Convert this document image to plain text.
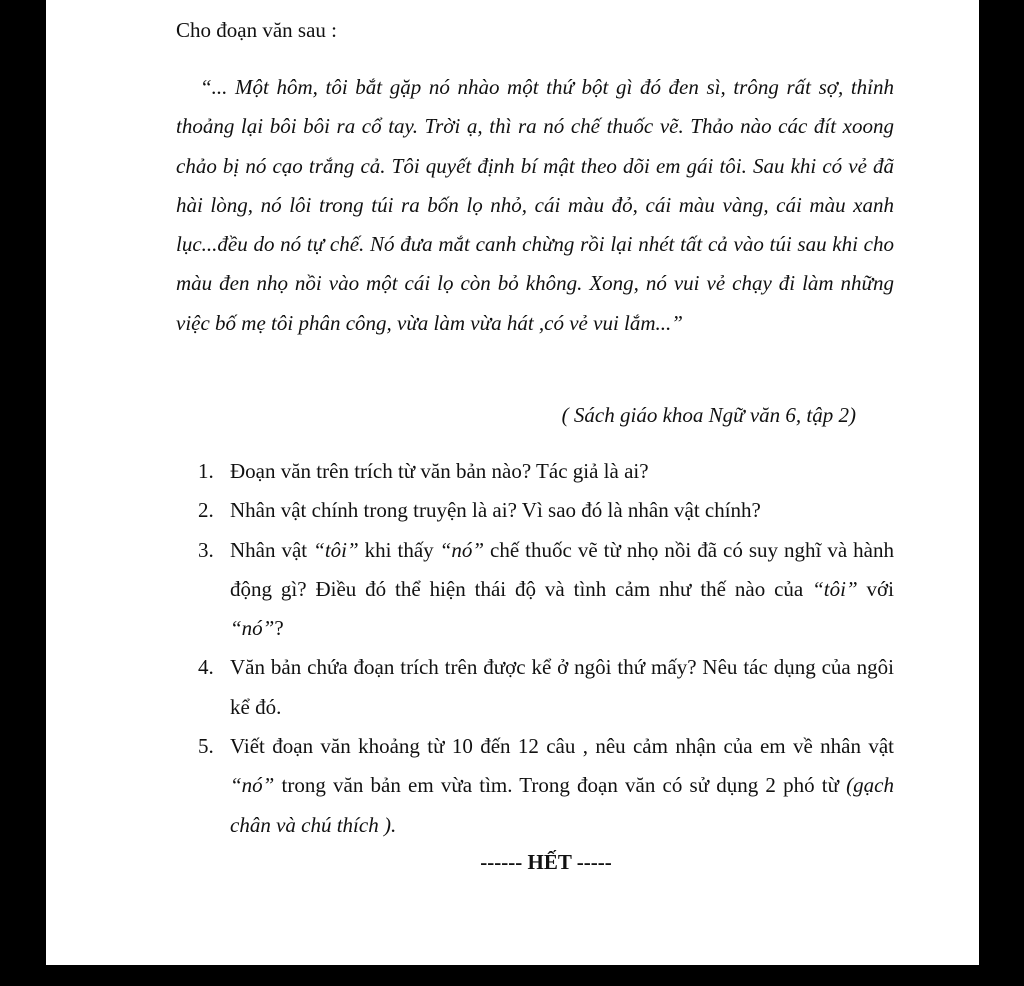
Cho đoạn văn sau :

“... Một hôm, tôi bắt gặp nó nhào một thứ bột gì đó đen sì, trông rất sợ, thỉnh thoảng lại bôi bôi ra cổ tay. Trời ạ, thì ra nó chế thuốc vẽ. Thảo nào các đít xoong chảo bị nó cạo trắng cả. Tôi quyết định bí mật theo dõi em gái tôi. Sau khi có vẻ đã hài lòng, nó lôi trong túi ra bốn lọ nhỏ, cái màu đỏ, cái màu vàng, cái màu xanh lục...đều do nó tự chế. Nó đưa mắt canh chừng rồi lại nhét tất cả vào túi sau khi cho màu đen nhọ nồi vào một cái lọ còn bỏ không. Xong, nó vui vẻ chạy đi làm những việc bố mẹ tôi phân công, vừa làm vừa hát ,có vẻ vui lắm...”

( Sách giáo khoa Ngữ văn 6, tập 2)

1. Đoạn văn trên trích từ văn bản nào? Tác giả là ai?
2. Nhân vật chính trong truyện là ai? Vì sao đó là nhân vật chính?
3. Nhân vật “tôi” khi thấy “nó” chế thuốc vẽ từ nhọ nồi đã có suy nghĩ và hành động gì? Điều đó thể hiện thái độ và tình cảm như thế nào của “tôi” với “nó”?
4. Văn bản chứa đoạn trích trên được kể ở ngôi thứ mấy? Nêu tác dụng của ngôi kể đó.
5. Viết đoạn văn khoảng từ 10 đến 12 câu , nêu cảm nhận của em về nhân vật “nó” trong văn bản em vừa tìm. Trong đoạn văn có sử dụng 2 phó từ (gạch chân và chú thích ).

------ HẾT -----
